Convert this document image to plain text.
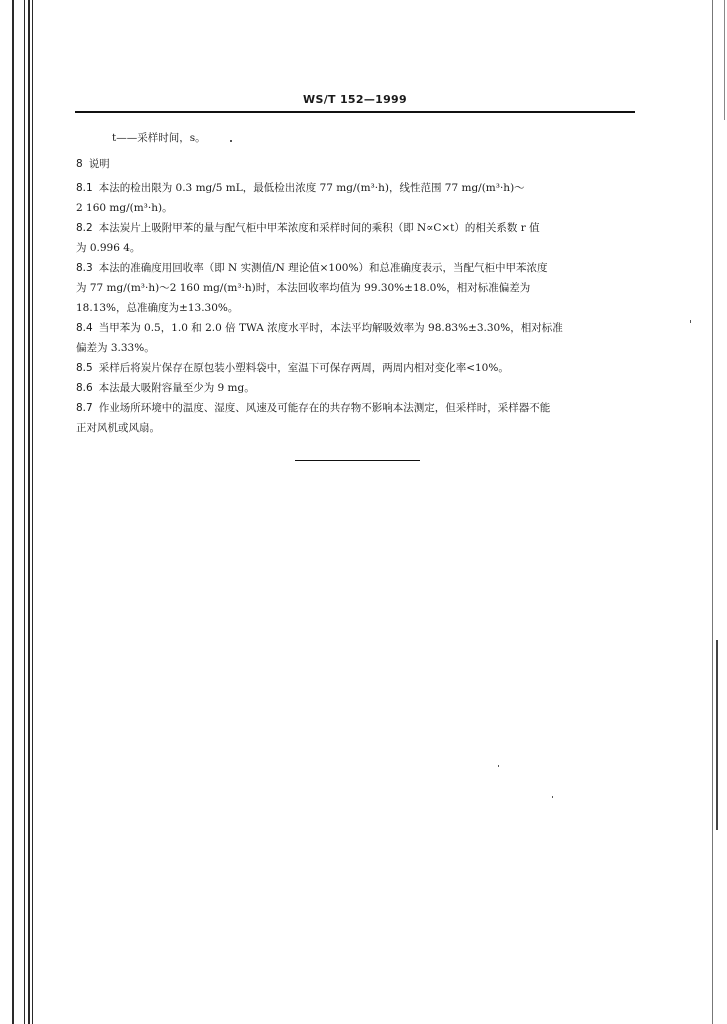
WS/T 152—1999

t——采样时间，s。

8 说明

8.1 本法的检出限为 0.3 mg/5 mL，最低检出浓度 77 mg/(m³·h)，线性范围 77 mg/(m³·h)～

2 160 mg/(m³·h)。

8.2 本法炭片上吸附甲苯的量与配气柜中甲苯浓度和采样时间的乘积（即 N∝C×t）的相关系数 r 值

为 0.996 4。

8.3 本法的准确度用回收率（即 N 实测值/N 理论值×100%）和总准确度表示，当配气柜中甲苯浓度

为 77 mg/(m³·h)～2 160 mg/(m³·h)时，本法回收率均值为 99.30%±18.0%，相对标准偏差为

18.13%，总准确度为±13.30%。

8.4 当甲苯为 0.5，1.0 和 2.0 倍 TWA 浓度水平时，本法平均解吸效率为 98.83%±3.30%，相对标准

偏差为 3.33%。

8.5 采样后将炭片保存在原包装小塑料袋中，室温下可保存两周，两周内相对变化率<10%。

8.6 本法最大吸附容量至少为 9 mg。

8.7 作业场所环境中的温度、湿度、风速及可能存在的共存物不影响本法测定，但采样时，采样器不能

正对风机或风扇。
